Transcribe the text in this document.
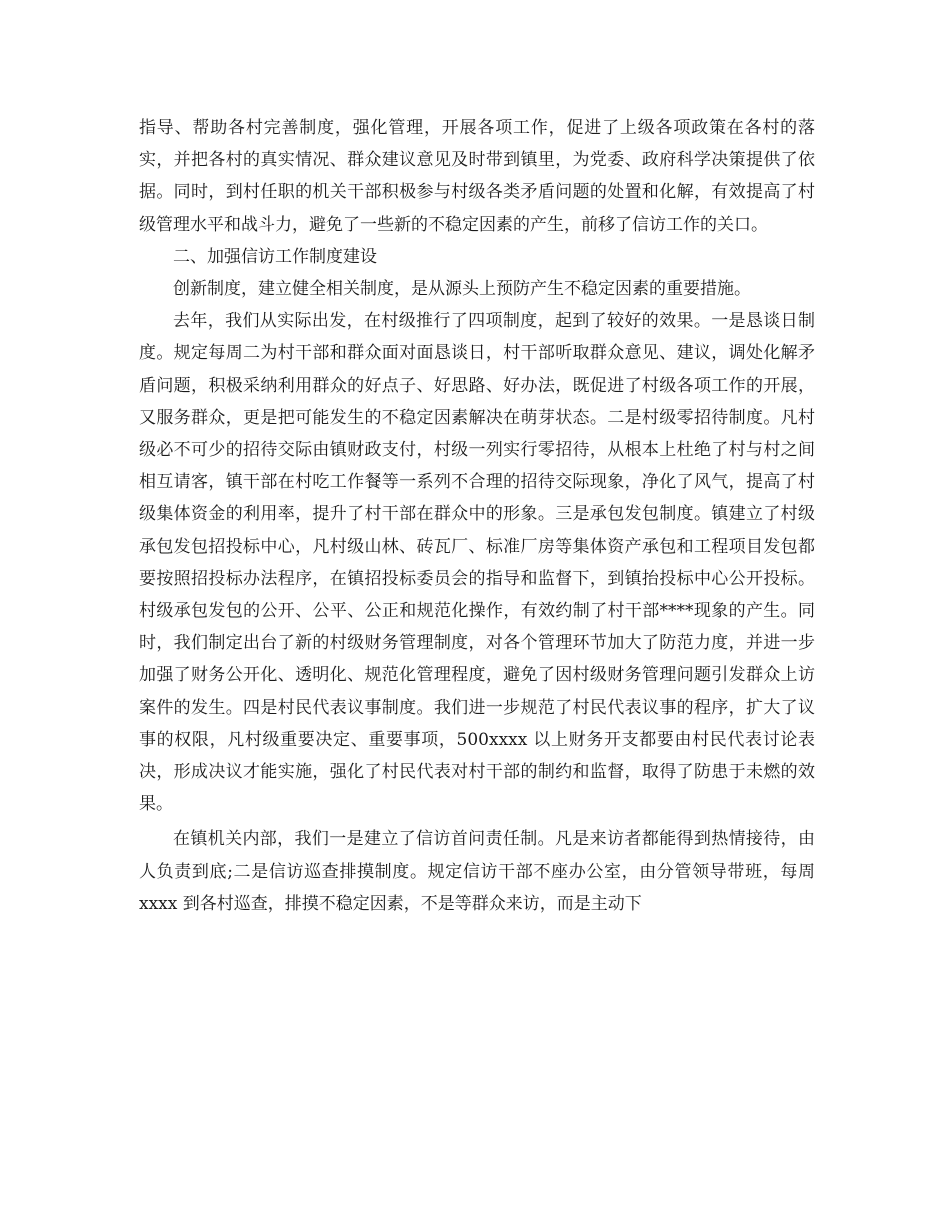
指导、帮助各村完善制度，强化管理，开展各项工作，促进了上级各项政策在各村的落实，并把各村的真实情况、群众建议意见及时带到镇里，为党委、政府科学决策提供了依据。同时，到村任职的机关干部积极参与村级各类矛盾问题的处置和化解，有效提高了村级管理水平和战斗力，避免了一些新的不稳定因素的产生，前移了信访工作的关口。

二、加强信访工作制度建设

创新制度，建立健全相关制度，是从源头上预防产生不稳定因素的重要措施。

去年，我们从实际出发，在村级推行了四项制度，起到了较好的效果。一是恳谈日制度。规定每周二为村干部和群众面对面恳谈日，村干部听取群众意见、建议，调处化解矛盾问题，积极采纳利用群众的好点子、好思路、好办法，既促进了村级各项工作的开展，又服务群众，更是把可能发生的不稳定因素解决在萌芽状态。二是村级零招待制度。凡村级必不可少的招待交际由镇财政支付，村级一列实行零招待，从根本上杜绝了村与村之间相互请客，镇干部在村吃工作餐等一系列不合理的招待交际现象，净化了风气，提高了村级集体资金的利用率，提升了村干部在群众中的形象。三是承包发包制度。镇建立了村级承包发包招投标中心，凡村级山林、砖瓦厂、标准厂房等集体资产承包和工程项目发包都要按照招投标办法程序，在镇招投标委员会的指导和监督下，到镇抬投标中心公开投标。村级承包发包的公开、公平、公正和规范化操作，有效约制了村干部****现象的产生。同时，我们制定出台了新的村级财务管理制度，对各个管理环节加大了防范力度，并进一步加强了财务公开化、透明化、规范化管理程度，避免了因村级财务管理问题引发群众上访案件的发生。四是村民代表议事制度。我们进一步规范了村民代表议事的程序，扩大了议事的权限，凡村级重要决定、重要事项，500xxxx 以上财务开支都要由村民代表讨论表决，形成决议才能实施，强化了村民代表对村干部的制约和监督，取得了防患于未燃的效果。

在镇机关内部，我们一是建立了信访首问责任制。凡是来访者都能得到热情接待，由人负责到底;二是信访巡查排摸制度。规定信访干部不座办公室，由分管领导带班，每周 xxxx 到各村巡查，排摸不稳定因素，不是等群众来访，而是主动下
